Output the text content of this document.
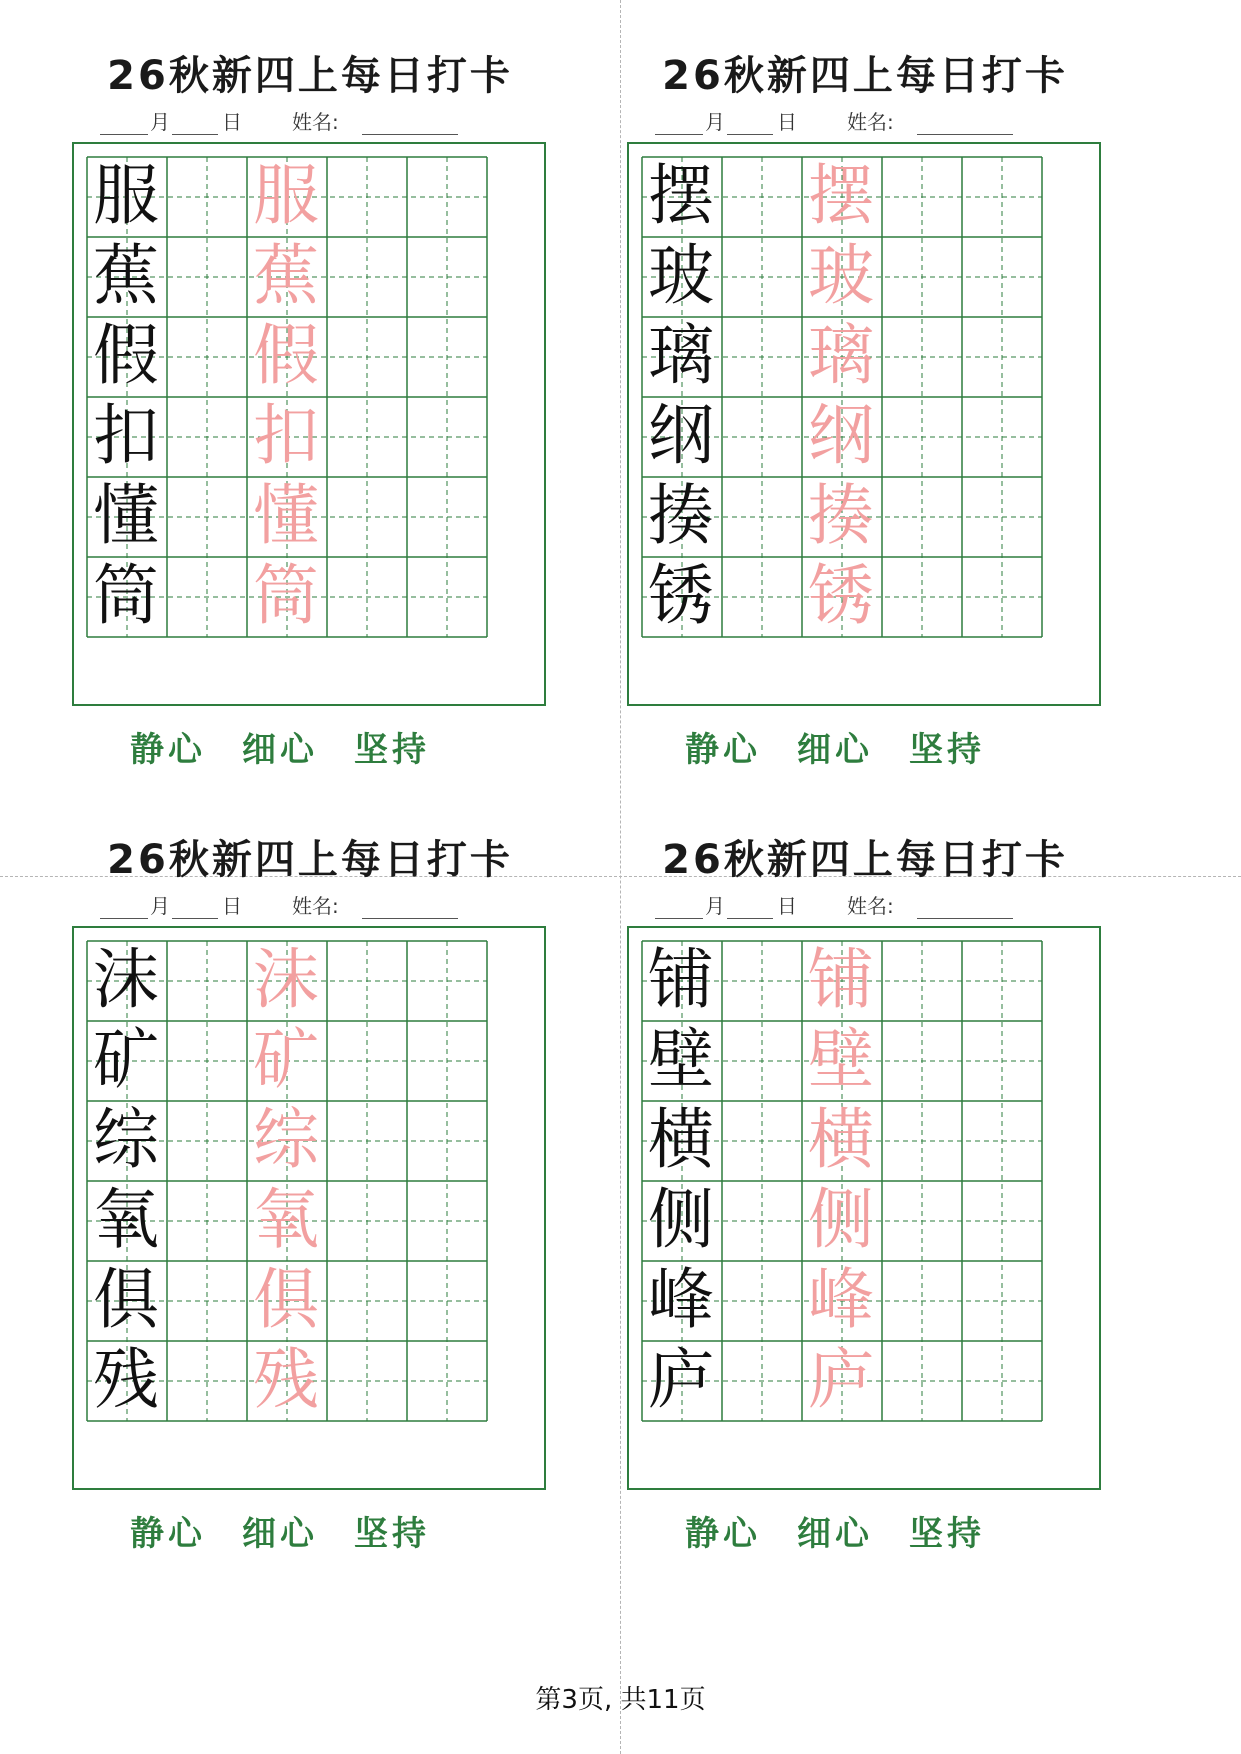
26秋新四上每日打卡
月	日	姓名:
服 服
蕉 蕉
假 假
扣 扣
懂 懂
筒 筒
静心 细心 坚持
26秋新四上每日打卡
月	日	姓名:
摆 摆
玻 玻
璃 璃
纲 纲
揍 揍
锈 锈
静心 细心 坚持
26秋新四上每日打卡
月	日	姓名:
沫 沫
矿 矿
综 综
氧 氧
俱 俱
残 残
静心 细心 坚持
26秋新四上每日打卡
月	日	姓名:
铺 铺
壁 壁
横 横
侧 侧
峰 峰
庐 庐
静心 细心 坚持
第3页, 共11页
